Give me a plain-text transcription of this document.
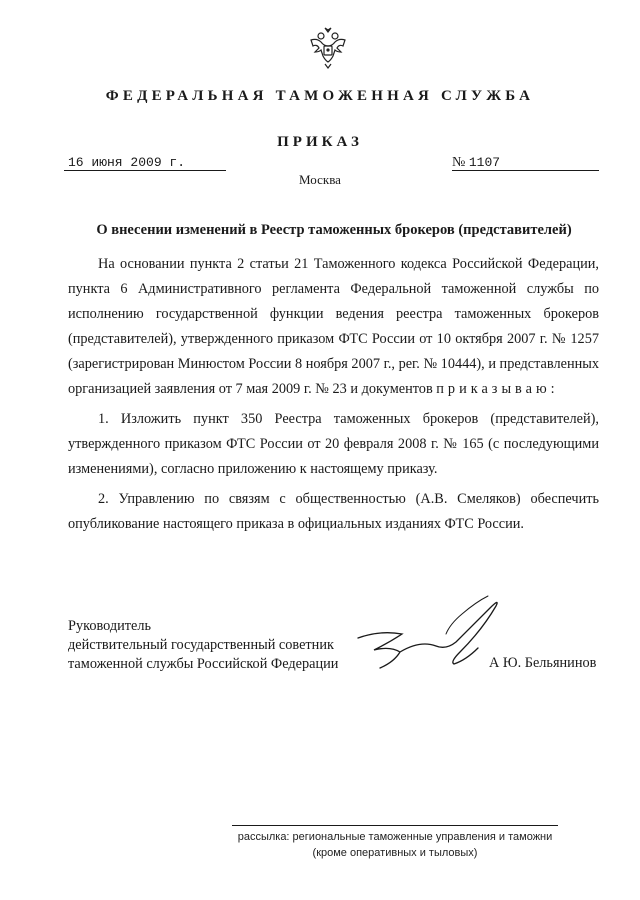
ФЕДЕРАЛЬНАЯ ТАМОЖЕННАЯ СЛУЖБА
ПРИКАЗ
16 июня 2009 г.	№ 1107
Москва
О внесении изменений в Реестр таможенных брокеров (представителей)

На основании пункта 2 статьи 21 Таможенного кодекса Российской Федерации, пункта 6 Административного регламента Федеральной таможенной службы по исполнению государственной функции ведения реестра таможенных брокеров (представителей), утвержденного приказом ФТС России от 10 октября 2007 г. № 1257 (зарегистрирован Минюстом России 8 ноября 2007 г., рег. № 10444), и представленных организацией заявления от 7 мая 2009 г. № 23 и документов приказываю:

1. Изложить пункт 350 Реестра таможенных брокеров (представителей), утвержденного приказом ФТС России от 20 февраля 2008 г. № 165 (с последующими изменениями), согласно приложению к настоящему приказу.

2. Управлению по связям с общественностью (А.В. Смеляков) обеспечить опубликование настоящего приказа в официальных изданиях ФТС России.

Руководитель
действительный государственный советник
таможенной службы Российской Федерации	А Ю. Бельянинов
рассылка: региональные таможенные управления и таможни
(кроме оперативных и тыловых)
